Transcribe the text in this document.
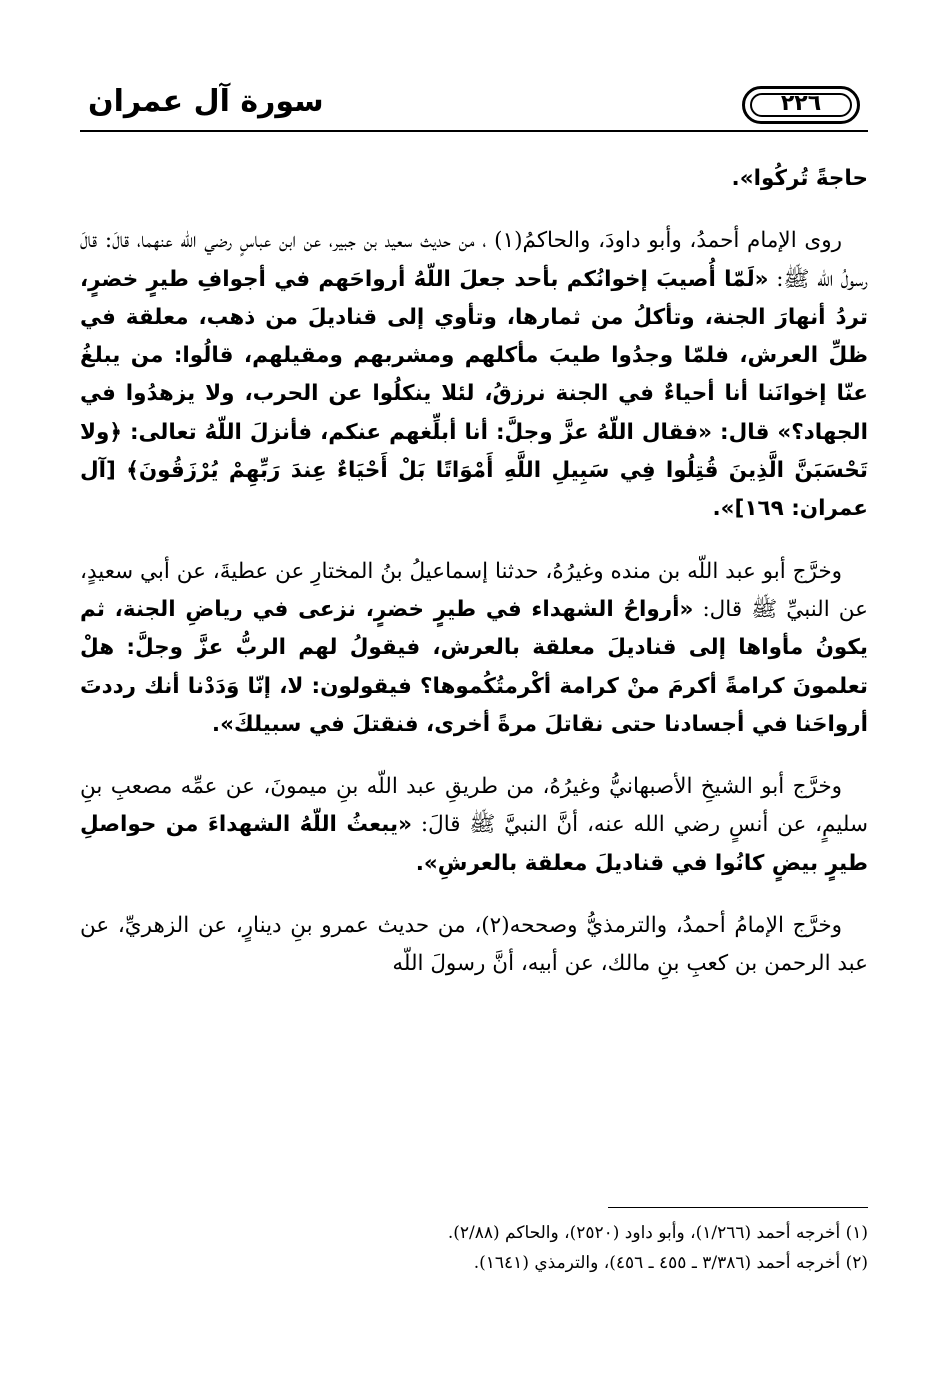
سورة آل عمران	٢٢٦

حاجةً تُركُوا».

روى الإمام أحمدُ، وأبو داودَ، والحاكمُ(١) ، من حديث سعيد بن جبير، عن ابن عباسٍ رضي الله عنهما، قالَ: قالَ رسولُ اللّه ﷺ: «لَمّا أُصيبَ إخوانُكم بأحد جعلَ اللّهُ أرواحَهم في أجوافِ طيرٍ خضرٍ، تردُ أنهارَ الجنة، وتأكلُ من ثمارها، وتأوي إلى قناديلَ من ذهب، معلقة في ظلِّ العرش، فلمّا وجدُوا طيبَ مأكلهم ومشربهم ومقيلهم، قالُوا: من يبلغُ عنّا إخوانَنا أنا أحياءٌ في الجنة نرزقُ، لئلا ينكلُوا عن الحرب، ولا يزهدُوا في الجهاد؟» قال: «فقال اللّهُ عزَّ وجلَّ: أنا أبلِّغهم عنكم، فأنزلَ اللّهُ تعالى: ﴿ولا تَحْسَبَنَّ الَّذِينَ قُتِلُوا فِي سَبِيلِ اللَّهِ أَمْوَاتًا بَلْ أَحْيَاءٌ عِندَ رَبِّهِمْ يُرْزَقُونَ﴾ [آل عمران: ١٦٩]».

وخرَّج أبو عبد اللّه بن منده وغيرُهُ، حدثنا إسماعيلُ بنُ المختارِ عن عطيةَ، عن أبي سعيدٍ، عن النبيِّ ﷺ قال: «أرواحُ الشهداء في طيرٍ خضرٍ، نزعى في رياضِ الجنة، ثم يكونُ مأواها إلى قناديلَ معلقة بالعرش، فيقولُ لهم الربُّ عزَّ وجلَّ: هلْ تعلمونَ كرامةً أكرمَ منْ كرامة أكْرمتُكُموها؟ فيقولون: لا، إنّا وَدَدْنا أنك رددتَ أرواحَنا في أجسادنا حتى نقاتلَ مرةً أخرى، فنقتلَ في سبيلكَ».

وخرَّج أبو الشيخِ الأصبهانيُّ وغيرُهُ، من طريقِ عبد اللّه بنِ ميمونَ، عن عمِّه مصعبِ بنِ سليمٍ، عن أنسٍ رضي الله عنه، أنَّ النبيَّ ﷺ قالَ: «يبعثُ اللّهُ الشهداءَ من حواصلِ طيرٍ بيضٍ كانُوا في قناديلَ معلقة بالعرشِ».

وخرَّج الإمامُ أحمدُ، والترمذيُّ وصححه(٢)، من حديث عمرو بنِ دينارٍ، عن الزهريِّ، عن عبد الرحمن بن كعبِ بنِ مالك، عن أبيه، أنَّ رسولَ اللّه

(١) أخرجه أحمد (١/٢٦٦)، وأبو داود (٢٥٢٠)، والحاكم (٢/٨٨).
(٢) أخرجه أحمد (٣/٣٨٦ ـ ٤٥٥ ـ ٤٥٦)، والترمذي (١٦٤١).
